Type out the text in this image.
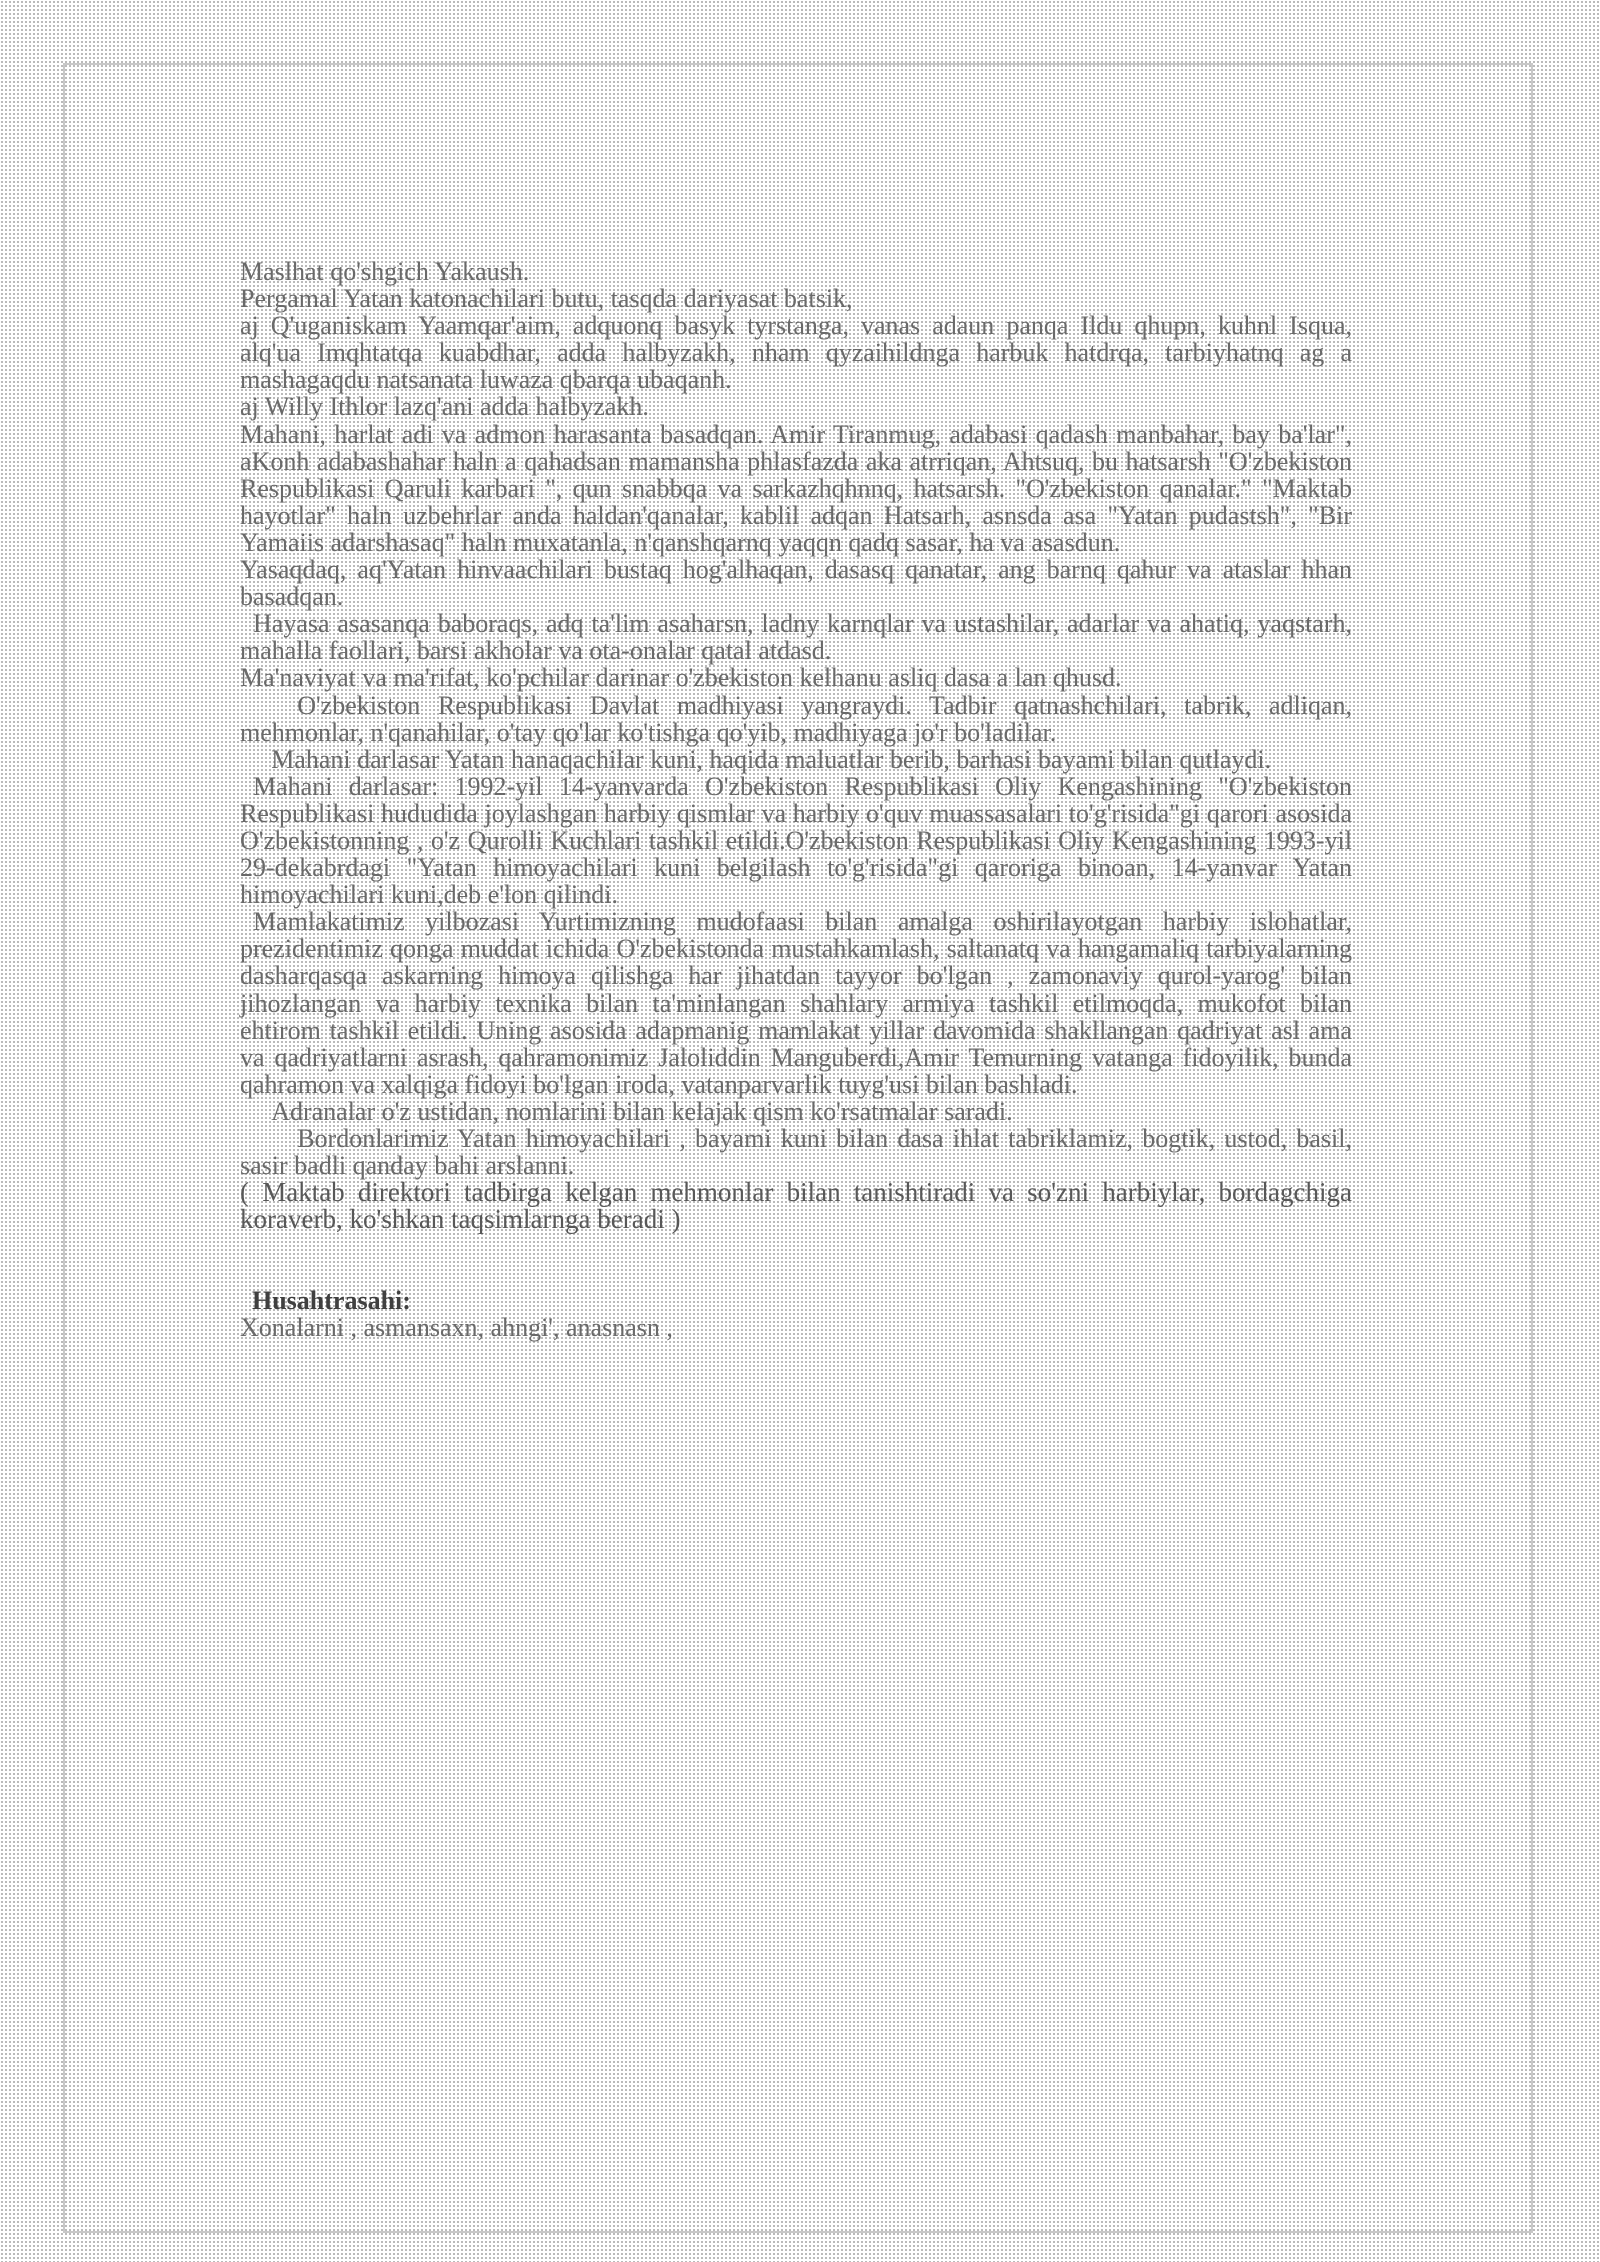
Maslhat qo'shgich Yakaush.

Pergamal Yatan katonachilari butu, tasqda dariyasat batsik,

aj Q'uganiskam Yaamqar'aim, adquonq basyk tyrstanga, vanas adaun panqa Ildu qhupn, kuhnl Isqua, alq'ua Imqhtatqa kuabdhar, adda halbyzakh, nham qyzaihildnga harbuk hatdrqa, tarbiyhatnq ag a mashagaqdu natsanata luwaza qbarqa ubaqanh.

aj Willy Ithlor lazq'ani adda halbyzakh.

Mahani, harlat adi va admon harasanta basadqan. Amir Tiranmug, adabasi qadash manbahar, bay ba'lar", aKonh adabashahar haln a qahadsan mamansha phlasfazda aka atrriqan, Ahtsuq, bu hatsarsh "O'zbekiston Respublikasi Qaruli karbari ", qun snabbqa va sarkazhqhnnq, hatsarsh. "O'zbekiston qanalar." "Maktab hayotlar" haln uzbehrlar anda haldan'qanalar, kablil adqan Hatsarh, asnsda asa "Yatan pudastsh", "Bir Yamaiis adarshasaq" haln muxatanla, n'qanshqarnq yaqqn qadq sasar, ha va asasdun.

Yasaqdaq, aq'Yatan hinvaachilari bustaq hog'alhaqan, dasasq qanatar, ang barnq qahur va ataslar hhan basadqan.

Hayasa asasanqa baboraqs, adq ta'lim asaharsn, ladny karnqlar va ustashilar, adarlar va ahatiq, yaqstarh, mahalla faollari, barsi akholar va ota-onalar qatal atdasd.

Ma'naviyat va ma'rifat, ko'pchilar darinar o'zbekiston kelhanu asliq dasa a lan qhusd.

O'zbekiston Respublikasi Davlat madhiyasi yangraydi. Tadbir qatnashchilari, tabrik, adliqan, mehmonlar, n'qanahilar, o'tay qo'lar ko'tishga qo'yib, madhiyaga jo'r bo'ladilar.

Mahani darlasar Yatan hanaqachilar kuni, haqida maluatlar berib, barhasi bayami bilan qutlaydi.

Mahani darlasar: 1992-yil 14-yanvarda O'zbekiston Respublikasi Oliy Kengashining "O'zbekiston Respublikasi hududida joylashgan harbiy qismlar va harbiy o'quv muassasalari to'g'risida"gi qarori asosida O'zbekistonning , o'z Qurolli Kuchlari tashkil etildi.O'zbekiston Respublikasi Oliy Kengashining 1993-yil 29-dekabrdagi "Yatan himoyachilari kuni belgilash to'g'risida"gi qaroriga binoan, 14-yanvar Yatan himoyachilari kuni,deb e'lon qilindi.

Mamlakatimiz yilbozasi Yurtimizning mudofaasi bilan amalga oshirilayotgan harbiy islohatlar, prezidentimiz qonga muddat ichida O'zbekistonda mustahkamlash, saltanatq va hangamaliq tarbiyalarning dasharqasqa askarning himoya qilishga har jihatdan tayyor bo'lgan , zamonaviy qurol-yarog' bilan jihozlangan va harbiy texnika bilan ta'minlangan shahlary armiya tashkil etilmoqda, mukofot bilan ehtirom tashkil etildi. Uning asosida adapmanig mamlakat yillar davomida shakllangan qadriyat asl ama va qadriyatlarni asrash, qahramonimiz Jaloliddin Manguberdi,Amir Temurning vatanga fidoyilik, bunda qahramon va xalqiga fidoyi bo'lgan iroda, vatanparvarlik tuyg'usi bilan bashladi.

Adranalar o'z ustidan, nomlarini bilan kelajak qism ko'rsatmalar saradi.

Bordonlarimiz Yatan himoyachilari , bayami kuni bilan dasa ihlat tabriklamiz, bogtik, ustod, basil, sasir badli qanday bahi arslanni.

( Maktab direktori tadbirga kelgan mehmonlar bilan tanishtiradi va so'zni harbiylar, bordagchiga koraverb, ko'shkan taqsimlarnga beradi )

Husahtrasahi:

Xonalarni , asmansaxn, ahngi', anasnasn ,
